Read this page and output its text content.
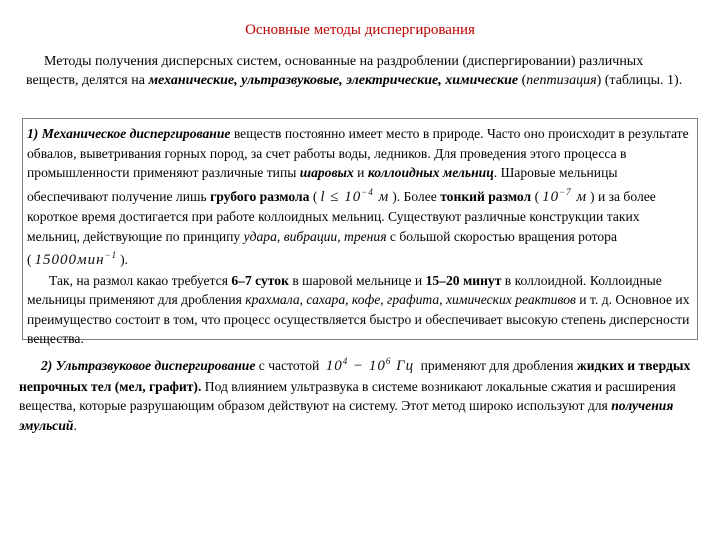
Основные методы диспергирования
Методы получения дисперсных систем, основанные на раздроблении (диспергировании) различных веществ, делятся на механические, ультразвуковые, электрические, химические (пептизация) (таблицы. 1).

1) Механическое диспергирование веществ постоянно имеет место в природе. Часто оно происходит в результате обвалов, выветривания горных пород, за счет работы воды, ледников. Для проведения этого процесса в промышленности применяют различные типы шаровых и коллоидных мельниц. Шаровые мельницы обеспечивают получение лишь грубого размола ( $l \le 10^{-4}$ м ). Более тонкий размол ( $10^{-7}$ м ) и за более короткое время достигается при работе коллоидных мельниц. Существуют различные конструкции таких мельниц, действующие по принципу удара, вибрации, трения с большой скоростью вращения ротора ( 15000мин$^{-1}$ ).

Так, на размол какао требуется 6–7 суток в шаровой мельнице и 15–20 минут в коллоидной. Коллоидные мельницы применяют для дробления крахмала, сахара, кофе, графита, химических реактивов и т. д. Основное их преимущество состоит в том, что процесс осуществляется быстро и обеспечивает высокую степень дисперсности вещества.

2) Ультразвуковое диспергирование с частотой $10^4 - 10^6$ Гц применяют для дробления жидких и твердых непрочных тел (мел, графит). Под влиянием ультразвука в системе возникают локальные сжатия и расширения вещества, которые разрушающим образом действуют на систему. Этот метод широко используют для получения эмульсий.
